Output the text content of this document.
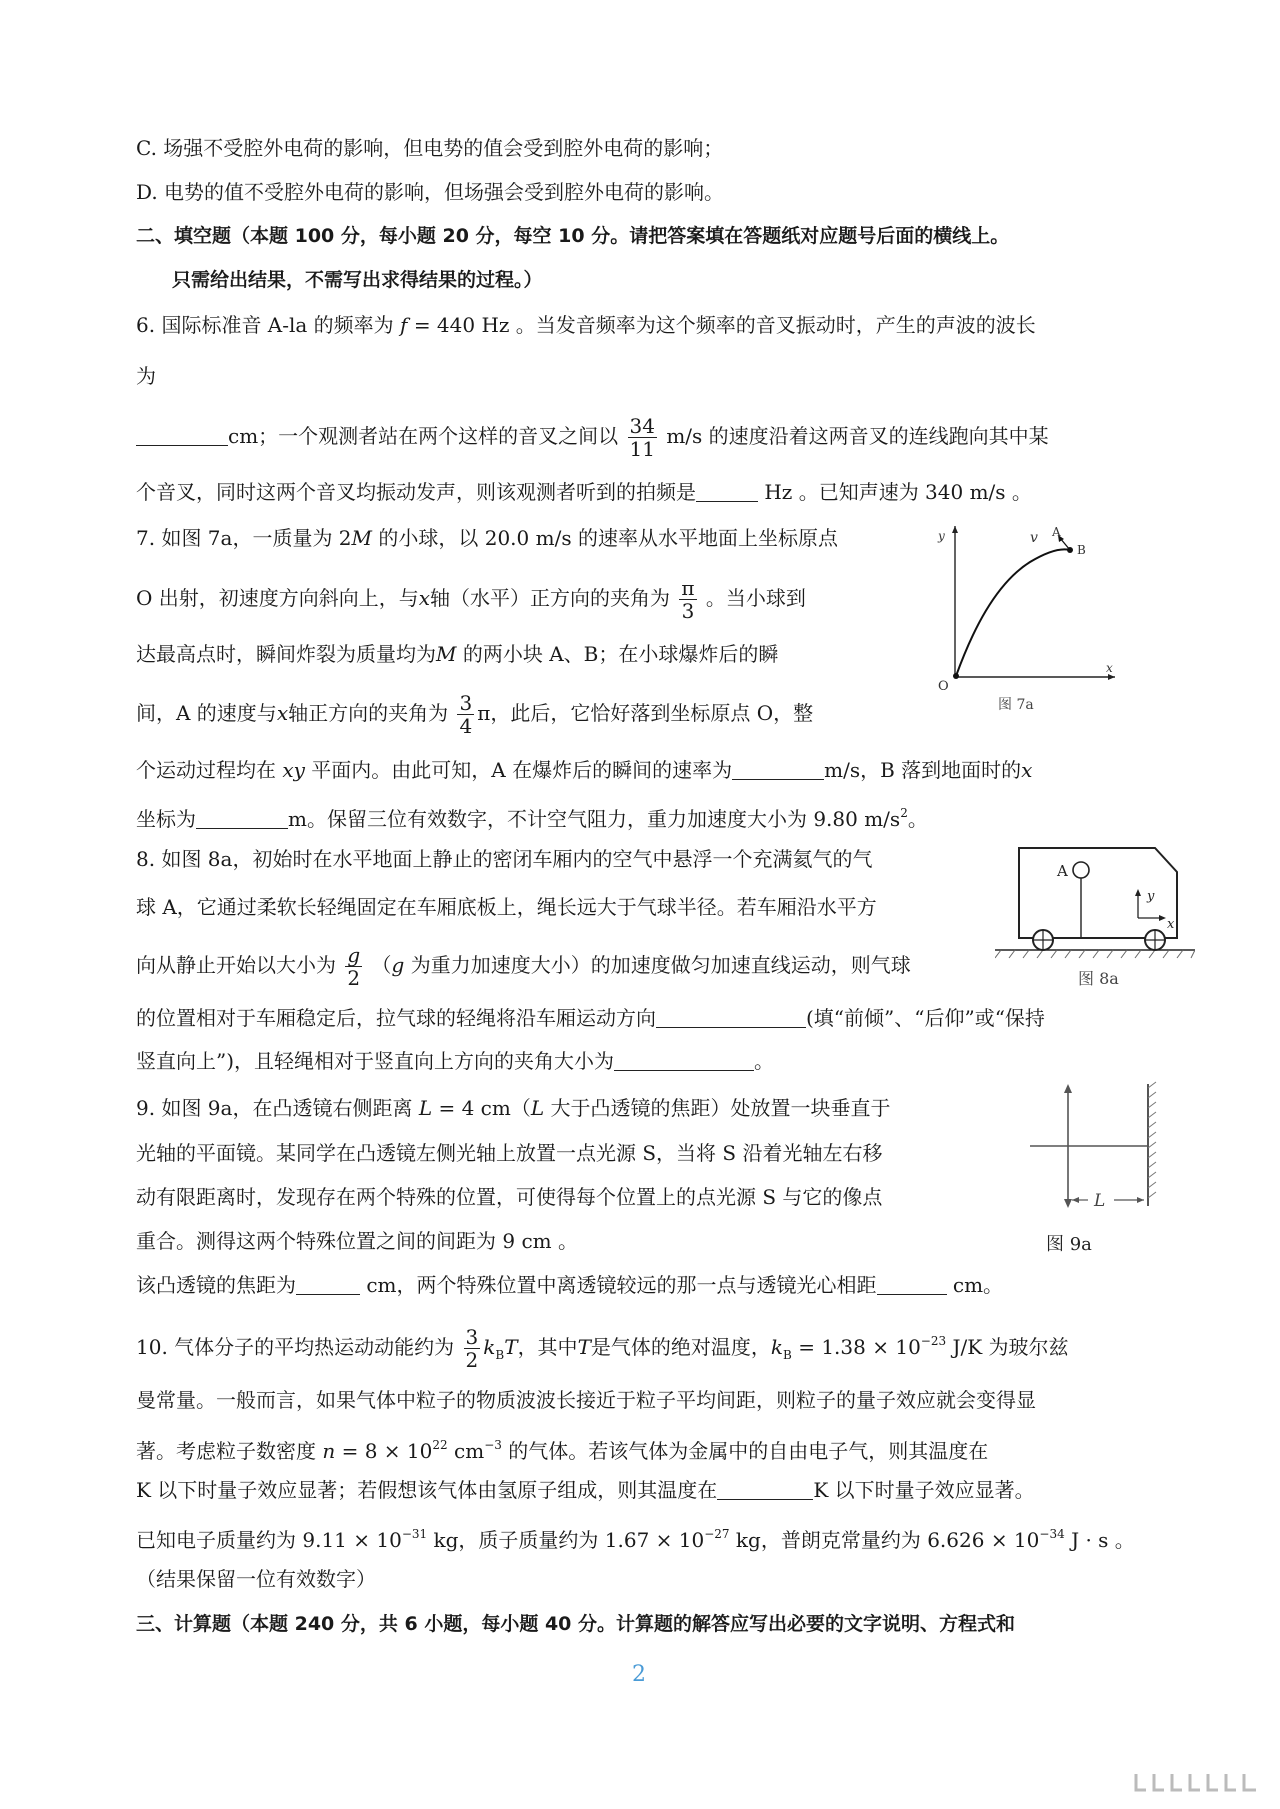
C. 场强不受腔外电荷的影响，但电势的值会受到腔外电荷的影响；
D. 电势的值不受腔外电荷的影响，但场强会受到腔外电荷的影响。
二、填空题（本题 100 分，每小题 20 分，每空 10 分。请把答案填在答题纸对应题号后面的横线上。
只需给出结果，不需写出求得结果的过程。）
6. 国际标准音 A-la 的频率为 f = 440 Hz 。当发音频率为这个频率的音叉振动时，产生的声波的波长
为
cm；一个观测者站在两个这样的音叉之间以 $\frac{34}{11} m/s$ 的速度沿着这两音叉的连线跑向其中某
个音叉，同时这两个音叉均振动发声，则该观测者听到的拍频是	Hz 。已知声速为 340 m/s 。
7. 如图 7a，一质量为 2M 的小球，以 20.0 m/s 的速率从水平地面上坐标原点
O 出射，初速度方向斜向上，与x轴（水平）正方向的夹角为 $\frac{\pi}{3}$ 。当小球到
达最高点时，瞬间炸裂为质量均为M 的两小块 A、B；在小球爆炸后的瞬
间，A 的速度与x轴正方向的夹角为 $\frac{3}{4}$ π，此后，它恰好落到坐标原点 O，整
个运动过程均在 xy 平面内。由此可知，A 在爆炸后的瞬间的速率为	m/s，B 落到地面时的x
坐标为	m。保留三位有效数字，不计空气阻力，重力加速度大小为 9.80 $m/s^2$。
v A
B
O
x
y
图 7a
8. 如图 8a，初始时在水平地面上静止的密闭车厢内的空气中悬浮一个充满氦气的气
球 A，它通过柔软长轻绳固定在车厢底板上，绳长远大于气球半径。若车厢沿水平方
向从静止开始以大小为 $\frac{g}{2} (g$ 为重力加速度大小）的加速度做匀加速直线运动，则气球
的位置相对于车厢稳定后，拉气球的轻绳将沿车厢运动方向	(填“前倾”、“后仰”或“保持
竖直向上”)，且轻绳相对于竖直向上方向的夹角大小为	。
A
y
x
图 8a
9. 如图 9a，在凸透镜右侧距离 L = 4 cm（L 大于凸透镜的焦距）处放置一块垂直于
光轴的平面镜。某同学在凸透镜左侧光轴上放置一点光源 S，当将 S 沿着光轴左右移
动有限距离时，发现存在两个特殊的位置，可使得每个位置上的点光源 S 与它的像点
重合。测得这两个特殊位置之间的间距为 9 cm 。
该凸透镜的焦距为	cm，两个特殊位置中离透镜较远的那一点与透镜光心相距	cm。
L
图 9a
10. 气体分子的平均热运动动能约为 $\frac{3}{2} k_BT$，其中T是气体的绝对温度，$k_B = 1.38 \times 10^{-23}$ J/K 为玻尔兹
曼常量。一般而言，如果气体中粒子的物质波波长接近于粒子平均间距，则粒子的量子效应就会变得显
著。考虑粒子数密度 $n = 8 \times 10^{22}$ $cm^{-3}$ 的气体。若该气体为金属中的自由电子气，则其温度在
K 以下时量子效应显著；若假想该气体由氢原子组成，则其温度在	K 以下时量子效应显著。
已知电子质量约为 $9.11 \times 10^{-31}$ kg，质子质量约为 $1.67 \times 10^{-27}$ kg，普朗克常量约为 $6.626 \times 10^{-34}$ J · s 。
（结果保留一位有效数字）
三、计算题（本题 240 分，共 6 小题，每小题 40 分。计算题的解答应写出必要的文字说明、方程式和
2
